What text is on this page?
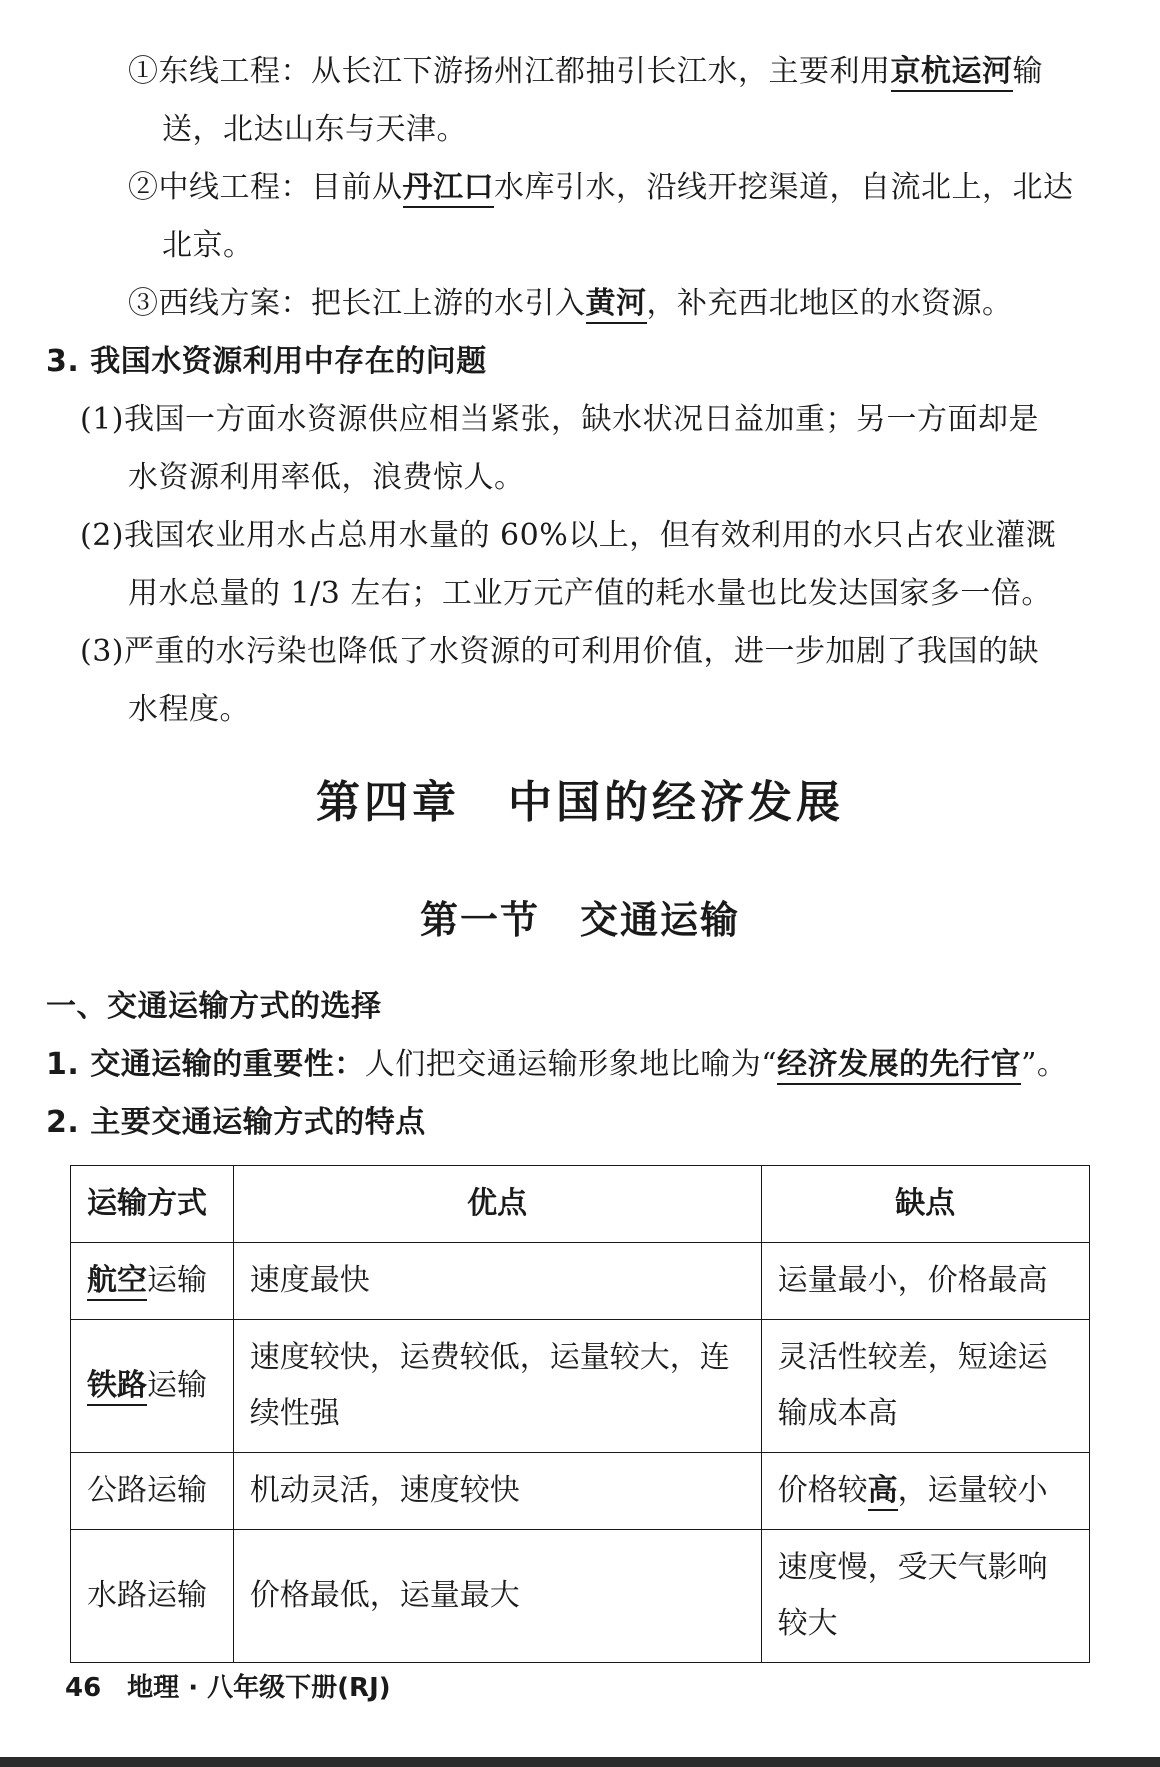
①东线工程：从长江下游扬州江都抽引长江水，主要利用京杭运河输
送，北达山东与天津。
②中线工程：目前从丹江口水库引水，沿线开挖渠道，自流北上，北达
北京。
③西线方案：把长江上游的水引入黄河，补充西北地区的水资源。
3. 我国水资源利用中存在的问题
(1)我国一方面水资源供应相当紧张，缺水状况日益加重；另一方面却是
水资源利用率低，浪费惊人。
(2)我国农业用水占总用水量的 60%以上，但有效利用的水只占农业灌溉
用水总量的 1/3 左右；工业万元产值的耗水量也比发达国家多一倍。
(3)严重的水污染也降低了水资源的可利用价值，进一步加剧了我国的缺
水程度。
第四章　中国的经济发展
第一节　交通运输
一、交通运输方式的选择
1. 交通运输的重要性：人们把交通运输形象地比喻为“经济发展的先行官”。
2. 主要交通运输方式的特点
运输方式	优点	缺点
航空运输	速度最快	运量最小，价格最高
铁路运输	速度较快，运费较低，运量较大，连续性强	灵活性较差，短途运输成本高
公路运输	机动灵活，速度较快	价格较高，运量较小
水路运输	价格最低，运量最大	速度慢，受天气影响较大
46　地理 · 八年级下册(RJ)
